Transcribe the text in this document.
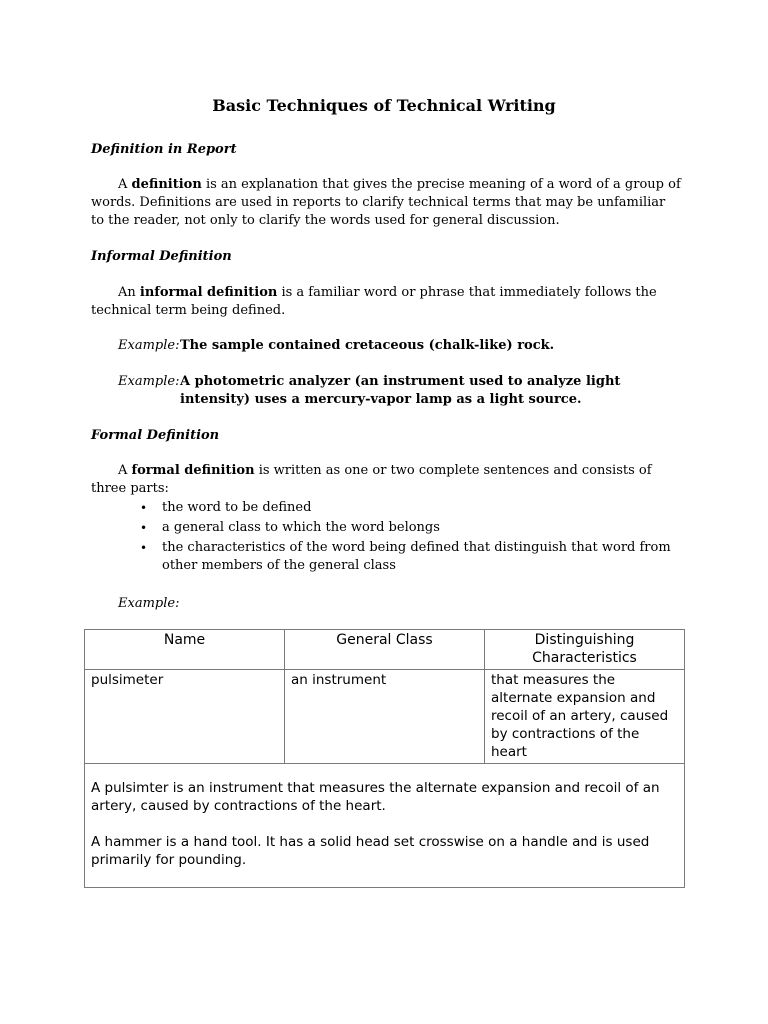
Basic Techniques of Technical Writing
Definition in Report
A definition is an explanation that gives the precise meaning of a word of a group of words. Definitions are used in reports to clarify technical terms that may be unfamiliar to the reader, not only to clarify the words used for general discussion.
Informal Definition
An informal definition is a familiar word or phrase that immediately follows the technical term being defined.
Example: The sample contained cretaceous (chalk-like) rock.
Example: A photometric analyzer (an instrument used to analyze light intensity) uses a mercury-vapor lamp as a light source.
Formal Definition
A formal definition is written as one or two complete sentences and consists of three parts:
• the word to be defined
• a general class to which the word belongs
• the characteristics of the word being defined that distinguish that word from other members of the general class
Example:
Name	General Class	Distinguishing Characteristics
pulsimeter	an instrument	that measures the alternate expansion and recoil of an artery, caused by contractions of the heart

A pulsimter is an instrument that measures the alternate expansion and recoil of an artery, caused by contractions of the heart.

A hammer is a hand tool. It has a solid head set crosswise on a handle and is used primarily for pounding.		
